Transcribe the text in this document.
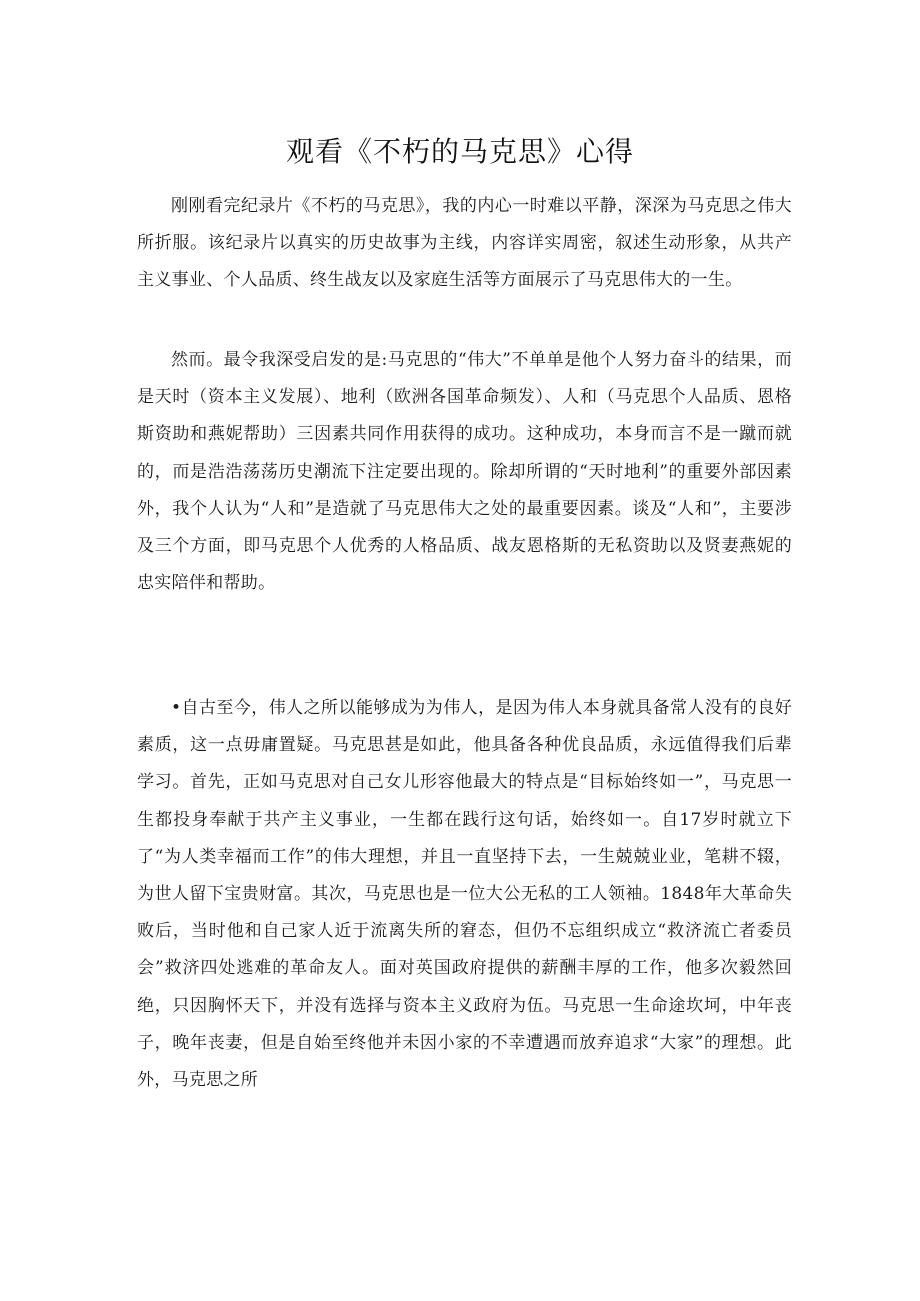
观看《不朽的马克思》心得

刚刚看完纪录片《不朽的马克思》，我的内心一时难以平静，深深为马克思之伟大所折服。该纪录片以真实的历史故事为主线，内容详实周密，叙述生动形象，从共产主义事业、个人品质、终生战友以及家庭生活等方面展示了马克思伟大的一生。

然而。最令我深受启发的是:马克思的“伟大”不单单是他个人努力奋斗的结果，而是天时（资本主义发展）、地利（欧洲各国革命频发）、人和（马克思个人品质、恩格斯资助和燕妮帮助）三因素共同作用获得的成功。这种成功，本身而言不是一蹴而就的，而是浩浩荡荡历史潮流下注定要出现的。除却所谓的“天时地利”的重要外部因素外，我个人认为“人和”是造就了马克思伟大之处的最重要因素。谈及“人和”，主要涉及三个方面，即马克思个人优秀的人格品质、战友恩格斯的无私资助以及贤妻燕妮的忠实陪伴和帮助。

•自古至今，伟人之所以能够成为为伟人，是因为伟人本身就具备常人没有的良好素质，这一点毋庸置疑。马克思甚是如此，他具备各种优良品质，永远值得我们后辈学习。首先，正如马克思对自己女儿形容他最大的特点是“目标始终如一”，马克思一生都投身奉献于共产主义事业，一生都在践行这句话，始终如一。自17岁时就立下了“为人类幸福而工作”的伟大理想，并且一直坚持下去，一生兢兢业业，笔耕不辍，为世人留下宝贵财富。其次，马克思也是一位大公无私的工人领袖。1848年大革命失败后，当时他和自己家人近于流离失所的窘态，但仍不忘组织成立“救济流亡者委员会”救济四处逃难的革命友人。面对英国政府提供的薪酬丰厚的工作，他多次毅然回绝，只因胸怀天下，并没有选择与资本主义政府为伍。马克思一生命途坎坷，中年丧子，晚年丧妻，但是自始至终他并未因小家的不幸遭遇而放弃追求“大家”的理想。此外，马克思之所
